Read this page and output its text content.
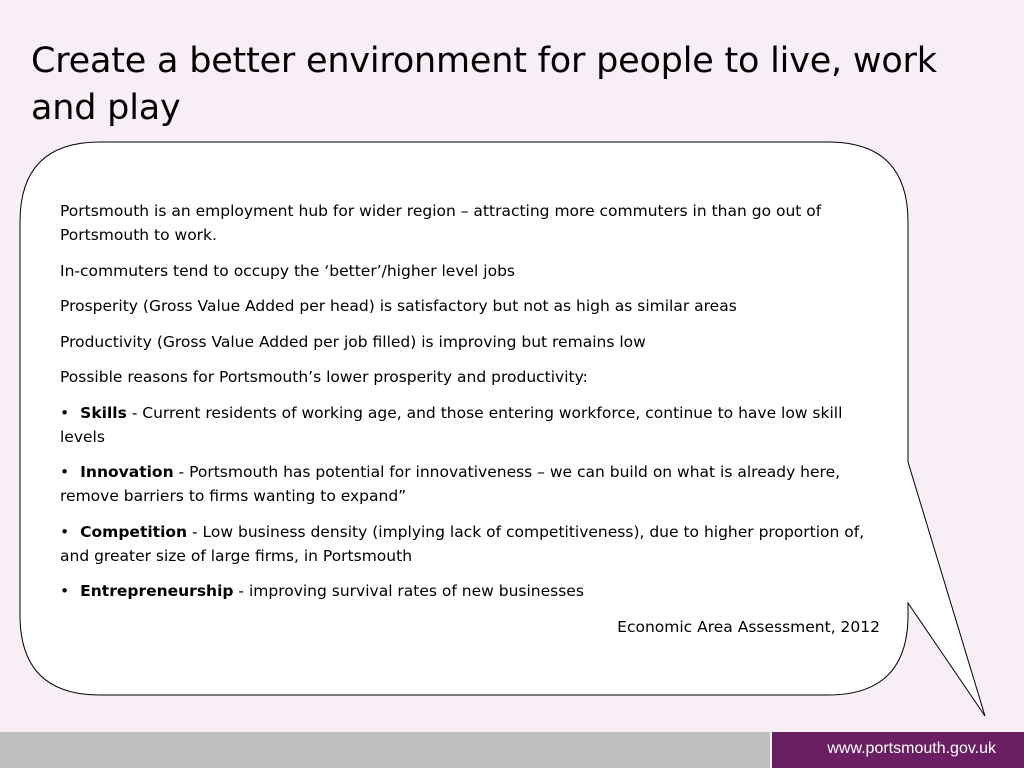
Create a better environment for people to live, work and play

Portsmouth is an employment hub for wider region – attracting more commuters in than go out of Portsmouth to work.

In-commuters tend to occupy the ‘better’/higher level jobs

Prosperity (Gross Value Added per head) is satisfactory but not as high as similar areas

Productivity (Gross Value Added per job filled) is improving but remains low

Possible reasons for Portsmouth’s lower prosperity and productivity:

• Skills - Current residents of working age, and those entering workforce, continue to have low skill levels

• Innovation - Portsmouth has potential for innovativeness – we can build on what is already here, remove barriers to firms wanting to expand”

• Competition - Low business density (implying lack of competitiveness), due to higher proportion of, and greater size of large firms, in Portsmouth

• Entrepreneurship - improving survival rates of new businesses

Economic Area Assessment, 2012

www.portsmouth.gov.uk
